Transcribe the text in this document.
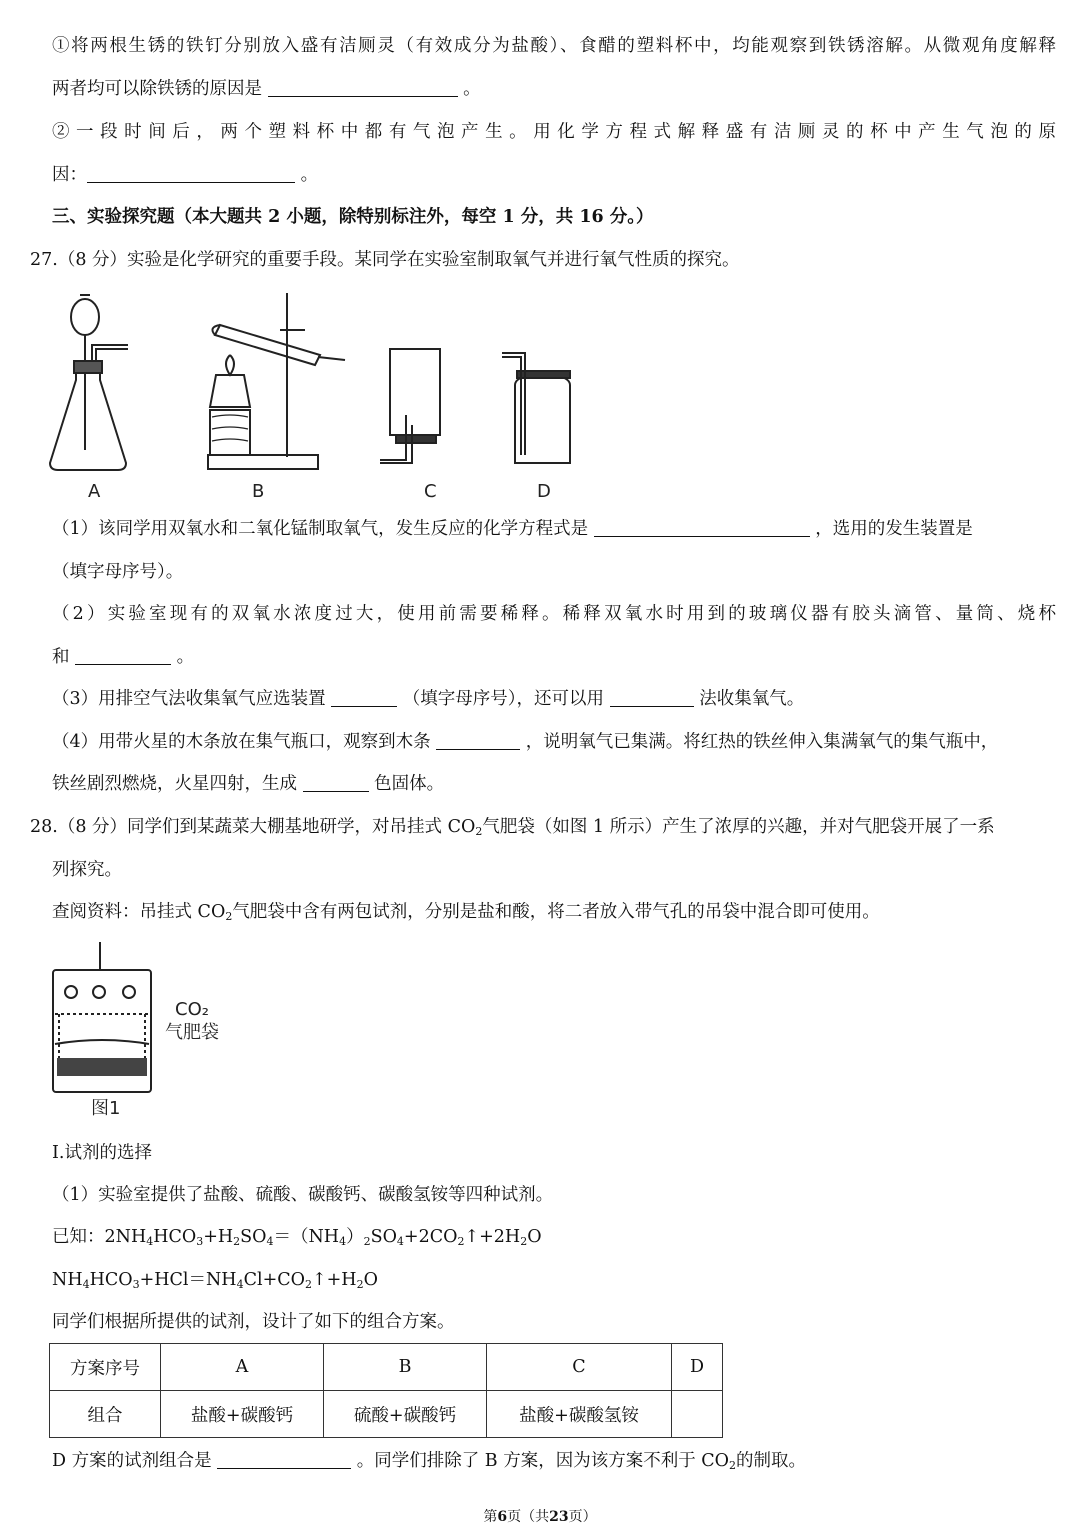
①将两根生锈的铁钉分别放入盛有洁厕灵（有效成分为盐酸）、食醋的塑料杯中，均能观察到铁锈溶解。从微观角度解释
两者均可以除铁锈的原因是	。
② 一 段 时 间 后 ， 两 个 塑 料 杯 中 都 有 气 泡 产 生 。 用 化 学 方 程 式 解 释 盛 有 洁 厕 灵 的 杯 中 产 生 气 泡 的 原
因：	。
三、实验探究题（本大题共 2 小题，除特别标注外，每空 1 分，共 16 分。）
27.（8 分）实验是化学研究的重要手段。某同学在实验室制取氧气并进行氧气性质的探究。
A	B	C	D
（1）该同学用双氧水和二氧化锰制取氧气，发生反应的化学方程式是	，选用的发生装置是
（填字母序号）。
（2）实验室现有的双氧水浓度过大，使用前需要稀释。稀释双氧水时用到的玻璃仪器有胶头滴管、量筒、烧杯
和	。
（3）用排空气法收集氧气应选装置	（填字母序号），还可以用	法收集氧气。
（4）用带火星的木条放在集气瓶口，观察到木条	，说明氧气已集满。将红热的铁丝伸入集满氧气的集气瓶中，
铁丝剧烈燃烧，火星四射，生成	色固体。
28.（8 分）同学们到某蔬菜大棚基地研学，对吊挂式 $CO_2$气肥袋（如图 1 所示）产生了浓厚的兴趣，并对气肥袋开展了一系
列探究。
查阅资料：吊挂式 $CO_2$气肥袋中含有两包试剂，分别是盐和酸，将二者放入带气孔的吊袋中混合即可使用。
CO₂
气肥袋
图1
Ⅰ.试剂的选择
（1）实验室提供了盐酸、硫酸、碳酸钙、碳酸氢铵等四种试剂。
已知：$2NH_4HCO_3+H_2SO_4=(NH_4)_2SO_4+2CO_2↑+2H_2O$
$NH_4HCO_3+HCl=NH_4Cl+CO_2↑+H_2O$
同学们根据所提供的试剂，设计了如下的组合方案。
方案序号	A	B	C	D
组合	盐酸+碳酸钙	硫酸+碳酸钙	盐酸+碳酸氢铵	
D 方案的试剂组合是	。同学们排除了 B 方案，因为该方案不利于 $CO_2$的制取。
第6页（共23页）
